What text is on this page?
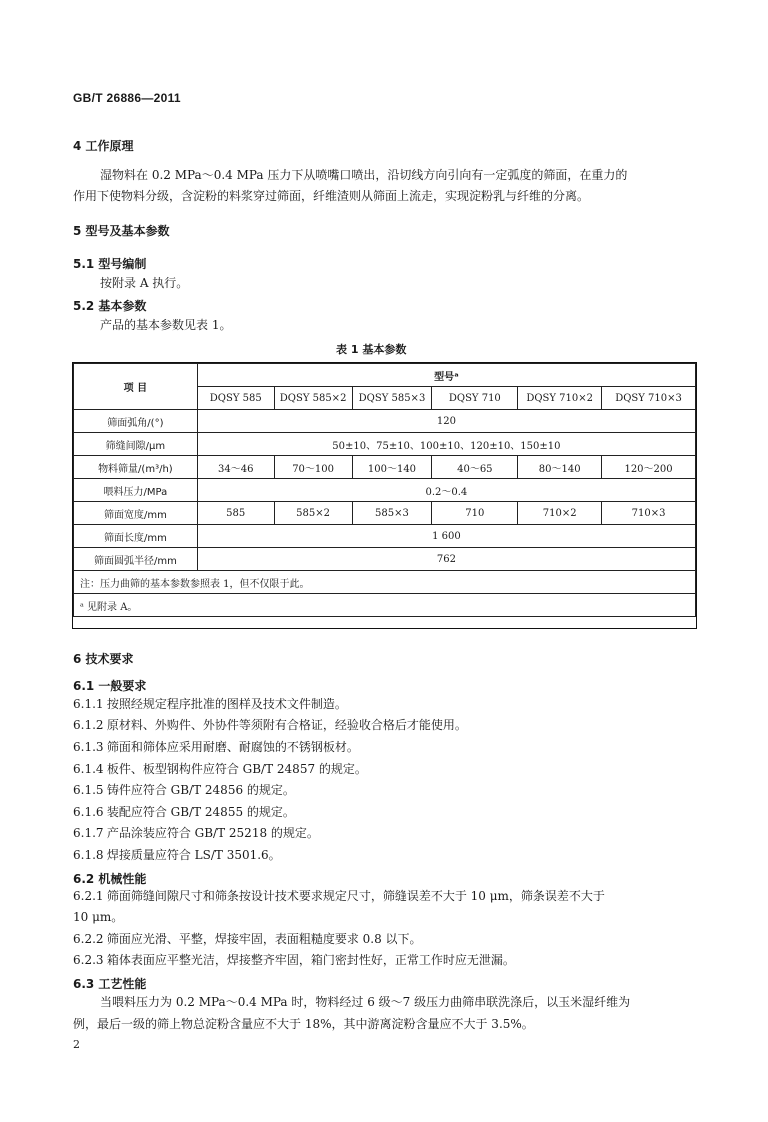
GB/T 26886—2011
4 工作原理
湿物料在 0.2 MPa～0.4 MPa 压力下从喷嘴口喷出，沿切线方向引向有一定弧度的筛面，在重力的
作用下使物料分级，含淀粉的料浆穿过筛面，纤维渣则从筛面上流走，实现淀粉乳与纤维的分离。
5 型号及基本参数
5.1 型号编制
按附录 A 执行。
5.2 基本参数
产品的基本参数见表 1。
表 1 基本参数
项 目	型号ᵃ					
	DQSY 585	DQSY 585×2	DQSY 585×3	DQSY 710	DQSY 710×2	DQSY 710×3
筛面弧角/(°)	120					
筛缝间隙/μm	50±10、75±10、100±10、120±10、150±10					
物料筛量/(m³/h)	34～46	70～100	100～140	40～65	80～140	120～200
喂料压力/MPa	0.2～0.4					
筛面宽度/mm	585	585×2	585×3	710	710×2	710×3
筛面长度/mm	1 600					
筛面圆弧半径/mm	762					
注：压力曲筛的基本参数参照表 1，但不仅限于此。						
ᵃ 见附录 A。						
6 技术要求
6.1 一般要求
6.1.1 按照经规定程序批准的图样及技术文件制造。
6.1.2 原材料、外购件、外协件等须附有合格证，经验收合格后才能使用。
6.1.3 筛面和筛体应采用耐磨、耐腐蚀的不锈钢板材。
6.1.4 板件、板型钢构件应符合 GB/T 24857 的规定。
6.1.5 铸件应符合 GB/T 24856 的规定。
6.1.6 装配应符合 GB/T 24855 的规定。
6.1.7 产品涂装应符合 GB/T 25218 的规定。
6.1.8 焊接质量应符合 LS/T 3501.6。
6.2 机械性能
6.2.1 筛面筛缝间隙尺寸和筛条按设计技术要求规定尺寸，筛缝误差不大于 10 μm，筛条误差不大于
10 μm。
6.2.2 筛面应光滑、平整，焊接牢固，表面粗糙度要求 0.8 以下。
6.2.3 箱体表面应平整光洁，焊接整齐牢固，箱门密封性好，正常工作时应无泄漏。
6.3 工艺性能
当喂料压力为 0.2 MPa～0.4 MPa 时，物料经过 6 级～7 级压力曲筛串联洗涤后，以玉米湿纤维为
例，最后一级的筛上物总淀粉含量应不大于 18%，其中游离淀粉含量应不大于 3.5%。
2
